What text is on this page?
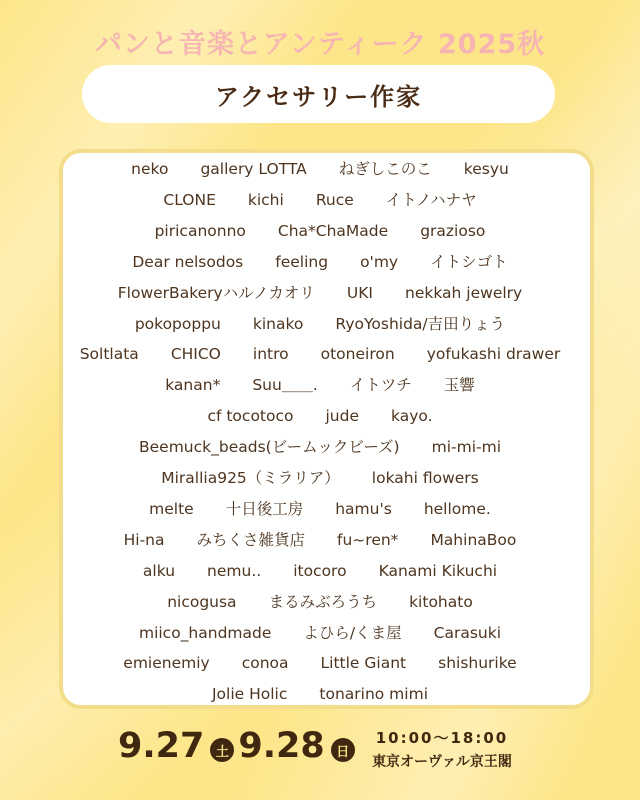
パンと音楽とアンティーク 2025秋
アクセサリー作家
neko gallery LOTTA ねぎしこのこ kesyu
CLONE kichi Ruce イトノハナヤ
piricanonno Cha*ChaMade grazioso
Dear nelsodos feeling o'my イトシゴト
FlowerBakeryハルノカオリ UKI nekkah jewelry
pokopoppu kinako RyoYoshida/吉田りょう
Soltlata CHICO intro otoneiron yofukashi drawer
kanan* Suu＿＿. イトツチ 玉響
cf tocotoco jude kayo.
Beemuck_beads(ビームックビーズ) mi-mi-mi
Mirallia925（ミラリア） lokahi flowers
melte 十日後工房 hamu's hellome.
Hi-na みちくさ雑貨店 fu~ren* MahinaBoo
alku nemu.. itocoro Kanami Kikuchi
nicogusa まるみぶろうち kitohato
miico_handmade よひら/くま屋 Carasuki
emienemiy conoa Little Giant shishurike
Jolie Holic tonarino mimi
9.27 土 9.28 日
10:00〜18:00
東京オーヴァル京王閣
